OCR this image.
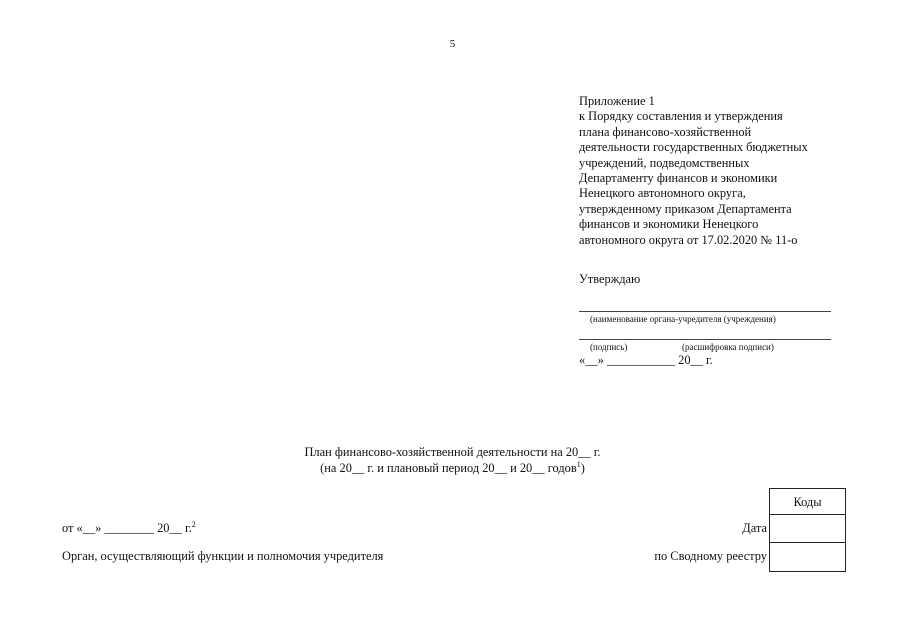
5
Приложение 1
к Порядку составления и утверждения
плана финансово-хозяйственной
деятельности государственных бюджетных
учреждений, подведомственных
Департаменту финансов и экономики
Ненецкого автономного округа,
утвержденному приказом Департамента
финансов и экономики Ненецкого
автономного округа от 17.02.2020 № 11-о
Утверждаю
(наименование органа-учредителя (учреждения)
(подпись)	(расшифровка подписи)
«__» ___________ 20__ г.
План финансово-хозяйственной деятельности на 20__ г.
(на 20__ г. и плановый период 20__ и 20__ годов$^1$)
Коды
от «__» ________ 20__ г.$^2$	Дата
Орган, осуществляющий функции и полномочия учредителя	по Сводному реестру
